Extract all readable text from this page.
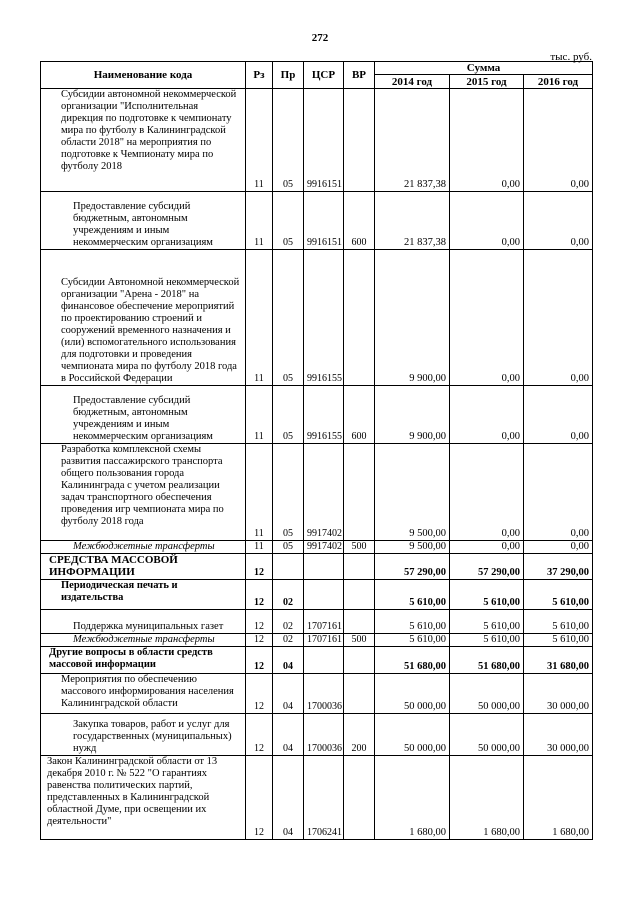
272
тыс. руб.
Наименование кода	Рз	Пр	ЦСР	ВР	Сумма		
					2014 год	2015 год	2016 год
Субсидии автономной некоммерческой организации "Исполнительная дирекция по подготовке к чемпионату мира по футболу в Калининградской области 2018" на мероприятия по подготовке к Чемпионату мира по футболу 2018	11	05	9916151		21 837,38	0,00	0,00
Предоставление субсидий бюджетным, автономным учреждениям и иным некоммерческим организациям	11	05	9916151	600	21 837,38	0,00	0,00
Субсидии Автономной некоммерческой организации "Арена - 2018" на финансовое обеспечение мероприятий по проектированию строений и сооружений временного назначения и (или) вспомогательного использования для подготовки и проведения чемпионата мира по футболу 2018 года в Российской Федерации	11	05	9916155		9 900,00	0,00	0,00
Предоставление субсидий бюджетным, автономным учреждениям и иным некоммерческим организациям	11	05	9916155	600	9 900,00	0,00	0,00
Разработка комплексной схемы развития пассажирского транспорта общего пользования города Калининграда с учетом реализации задач транспортного обеспечения проведения игр чемпионата мира по футболу 2018 года	11	05	9917402		9 500,00	0,00	0,00
Межбюджетные трансферты	11	05	9917402	500	9 500,00	0,00	0,00
СРЕДСТВА МАССОВОЙ ИНФОРМАЦИИ	12				57 290,00	57 290,00	37 290,00
Периодическая печать и издательства	12	02			5 610,00	5 610,00	5 610,00
Поддержка муниципальных газет	12	02	1707161		5 610,00	5 610,00	5 610,00
Межбюджетные трансферты	12	02	1707161	500	5 610,00	5 610,00	5 610,00
Другие вопросы в области средств массовой информации	12	04			51 680,00	51 680,00	31 680,00
Мероприятия по обеспечению массового информирования населения Калининградской области	12	04	1700036		50 000,00	50 000,00	30 000,00
Закупка товаров, работ и услуг для государственных (муниципальных) нужд	12	04	1700036	200	50 000,00	50 000,00	30 000,00
Закон Калининградской области от 13 декабря 2010 г. № 522 "О гарантиях равенства политических партий, представленных в Калининградской областной Думе, при освещении их деятельности"	12	04	1706241		1 680,00	1 680,00	1 680,00
